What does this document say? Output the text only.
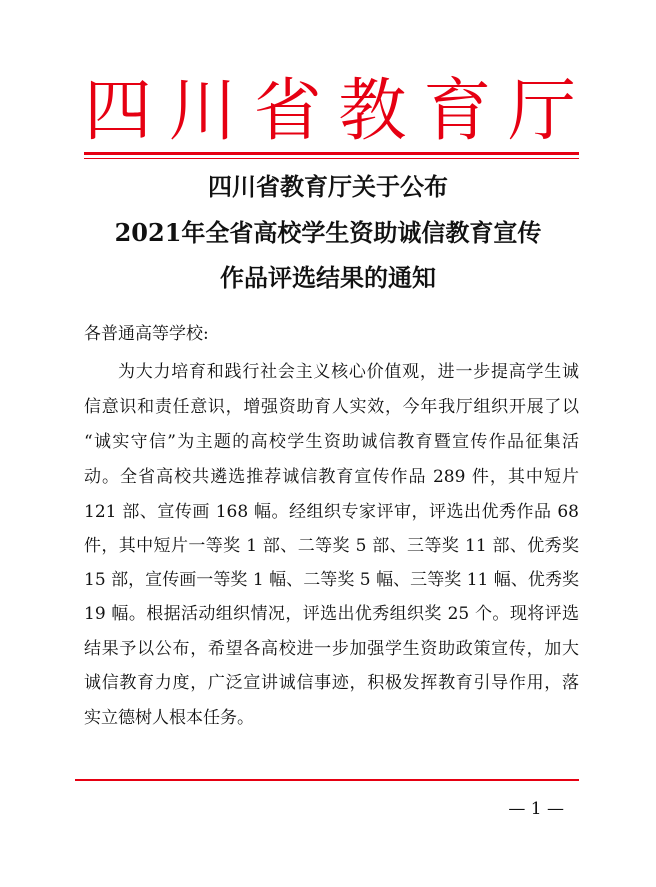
四 川 省 教 育 厅
四川省教育厅关于公布
2021年全省高校学生资助诚信教育宣传
作品评选结果的通知
各普通高等学校:
为大力培育和践行社会主义核心价值观，进一步提高学生诚
信意识和责任意识，增强资助育人实效，今年我厅组织开展了以
“诚实守信”为主题的高校学生资助诚信教育暨宣传作品征集活
动。全省高校共遴选推荐诚信教育宣传作品 289 件，其中短片
121 部、宣传画 168 幅。经组织专家评审，评选出优秀作品 68
件，其中短片一等奖 1 部、二等奖 5 部、三等奖 11 部、优秀奖
15 部，宣传画一等奖 1 幅、二等奖 5 幅、三等奖 11 幅、优秀奖
19 幅。根据活动组织情况，评选出优秀组织奖 25 个。现将评选
结果予以公布，希望各高校进一步加强学生资助政策宣传，加大
诚信教育力度，广泛宣讲诚信事迹，积极发挥教育引导作用，落
实立德树人根本任务。
— 1 —
